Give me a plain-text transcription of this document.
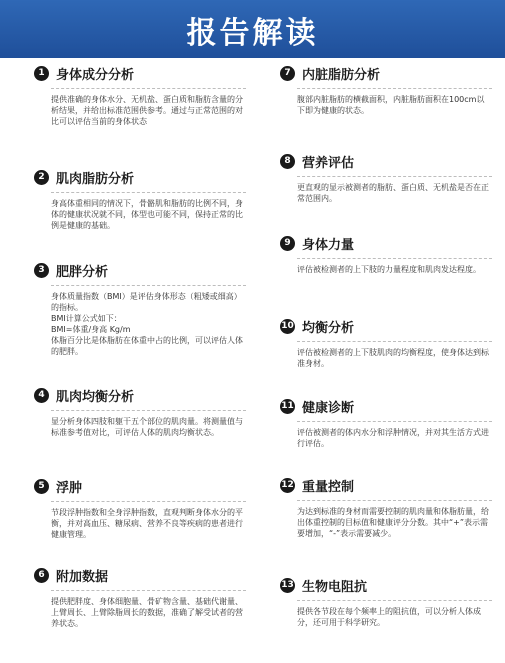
报告解读
1 身体成分分析
提供准确的身体水分、无机盐、蛋白质和脂肪含量的分析结果，并给出标准范围供参考。通过与正常范围的对比可以评估当前的身体状态
2 肌肉脂肪分析
身高体重相同的情况下，骨骼肌和脂肪的比例不同，身体的健康状况就不同，体型也可能不同，保持正常的比例是健康的基础。
3 肥胖分析
身体质量指数（BMI）是评估身体形态（粗矮或细高）的指标。
BMI计算公式如下：
BMI=体重/身高 Kg/m
体脂百分比是体脂肪在体重中占的比例，可以评估人体的肥胖。
4 肌肉均衡分析
显分析身体四肢和躯干五个部位的肌肉量。将测量值与标准参考值对比，可评估人体的肌肉均衡状态。
5 浮肿
节段浮肿指数和全身浮肿指数，直观判断身体水分的平衡，并对高血压、糖尿病、营养不良等疾病的患者进行健康管理。
6 附加数据
提供肥胖度、身体细胞量、骨矿物含量、基础代谢量、上臂周长、上臂除脂周长的数据，准确了解受试者的营养状态。
7 内脏脂肪分析
腹部内脏脂肪的横截面积，内脏脂肪面积在100cm以下即为健康的状态。
8 营养评估
更直观的显示被测者的脂肪、蛋白质、无机盐是否在正常范围内。
9 身体力量
评估被检测者的上下肢的力量程度和肌肉发达程度。
10 均衡分析
评估被检测者的上下肢肌肉的均衡程度，使身体达到标准身材。
11 健康诊断
评估被测者的体内水分和浮肿情况，并对其生活方式进行评估。
12 重量控制
为达到标准的身材而需要控制的肌肉量和体脂肪量，给出体重控制的目标值和健康评分分数。其中“+”表示需要增加，“-”表示需要减少。
13 生物电阻抗
提供各节段在每个频率上的阻抗值，可以分析人体成分，还可用于科学研究。
